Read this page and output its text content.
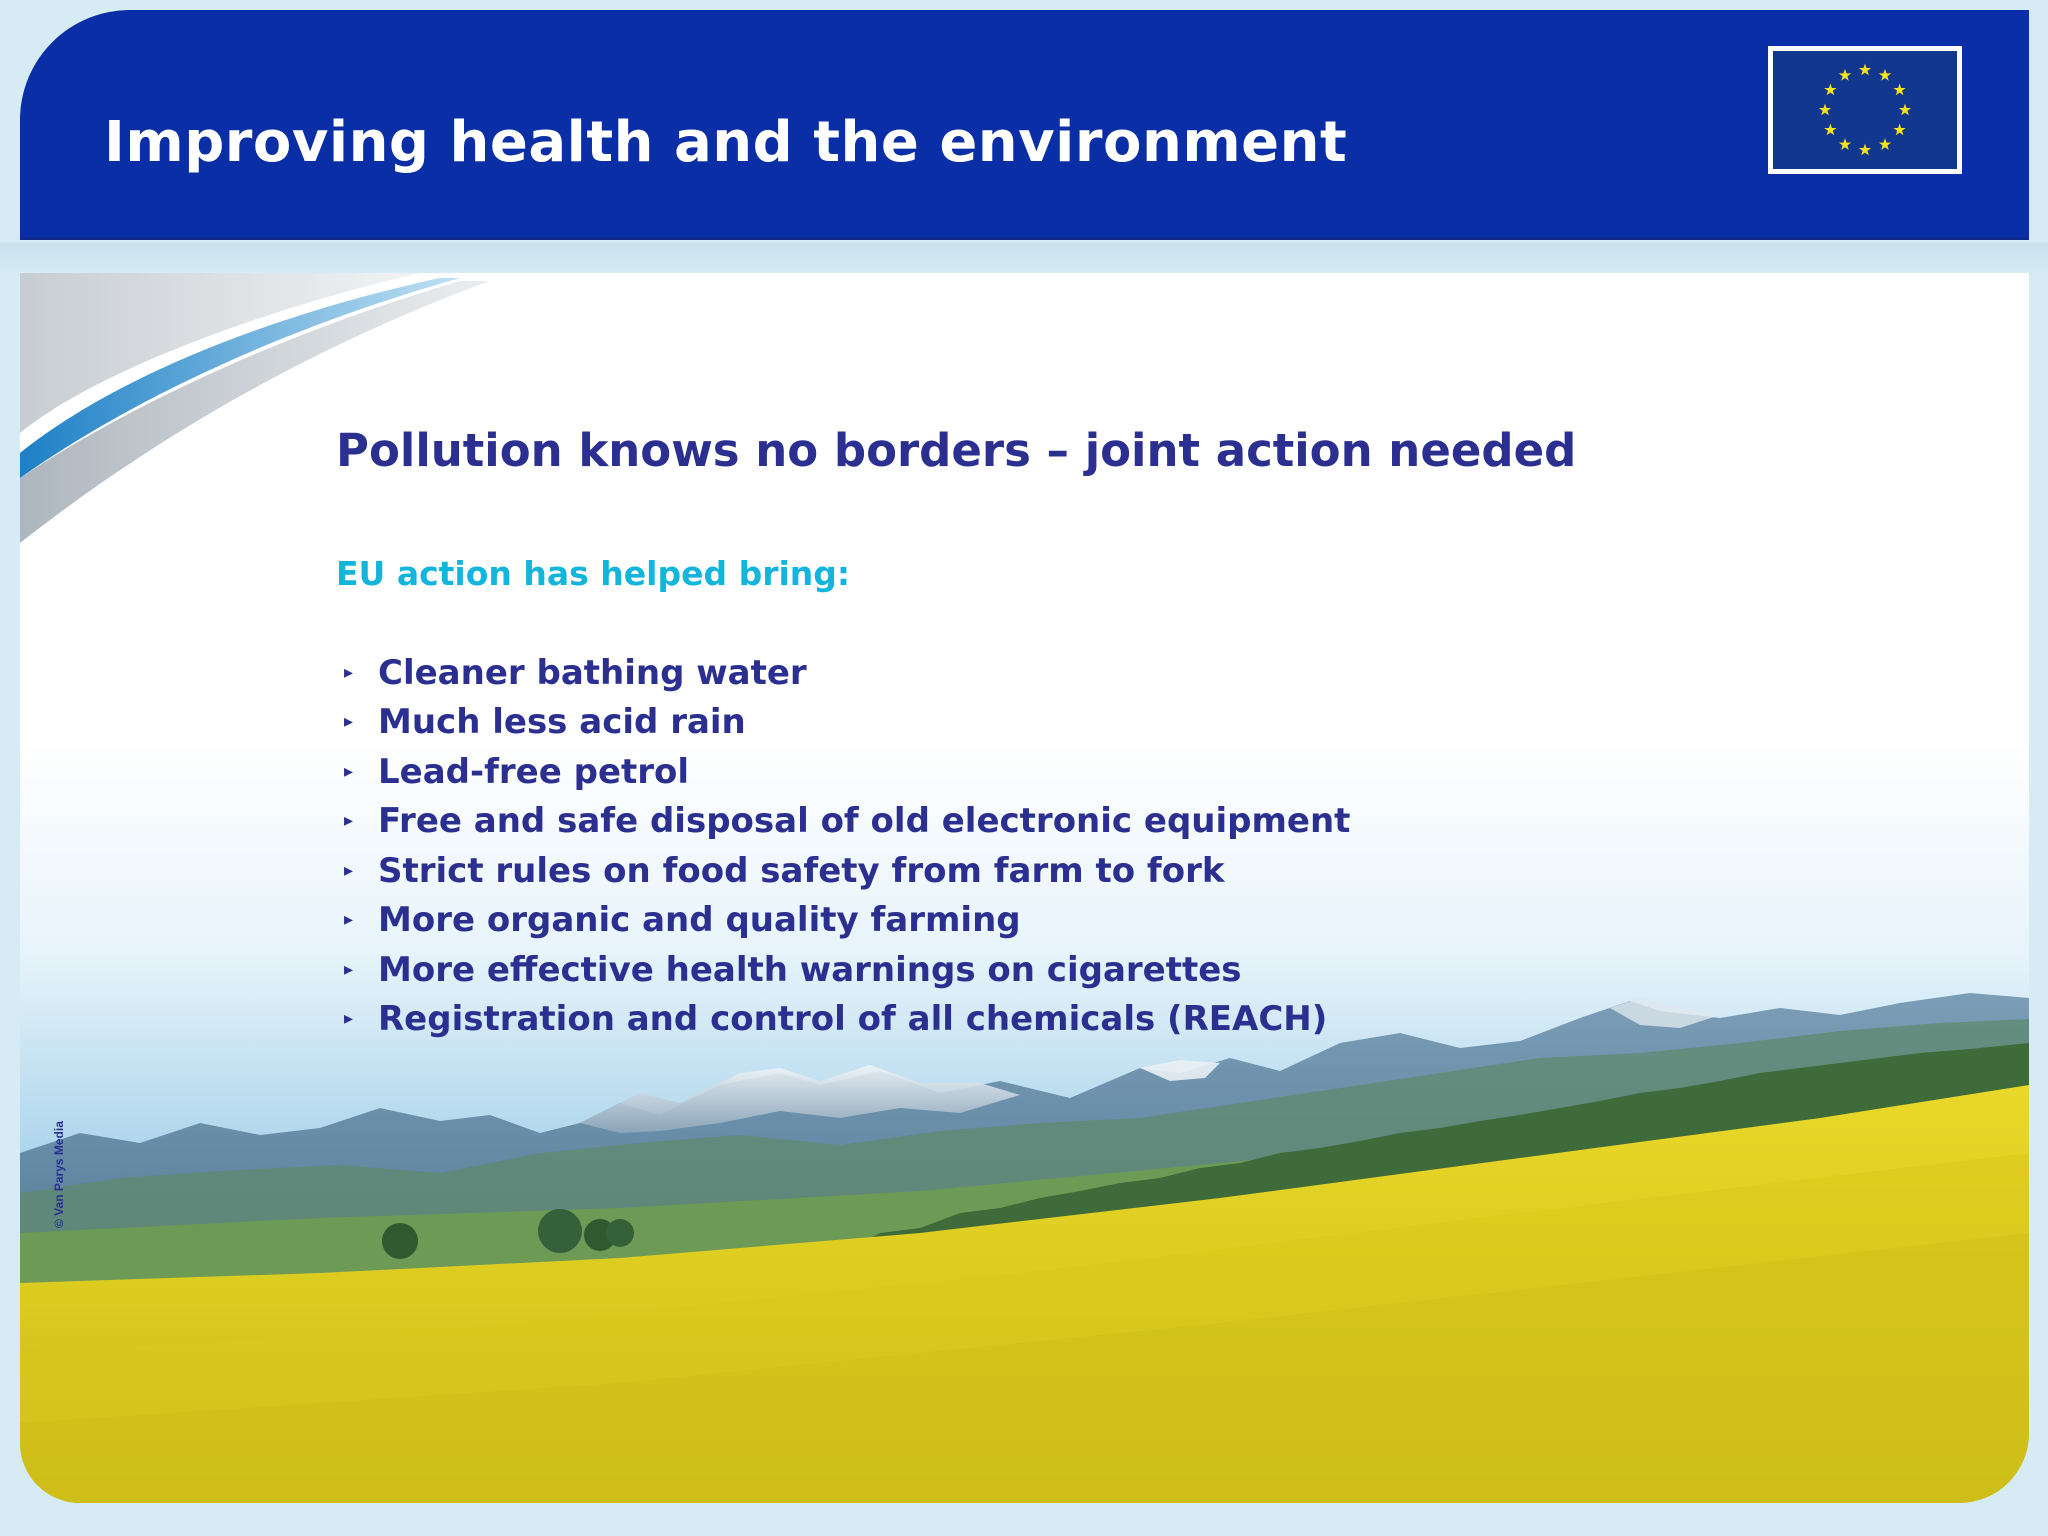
Improving health and the environment
Pollution knows no borders – joint action needed
EU action has helped bring:
▸ Cleaner bathing water
▸ Much less acid rain
▸ Lead-free petrol
▸ Free and safe disposal of old electronic equipment
▸ Strict rules on food safety from farm to fork
▸ More organic and quality farming
▸ More effective health warnings on cigarettes
▸ Registration and control of all chemicals (REACH)

© Van Parys Media
